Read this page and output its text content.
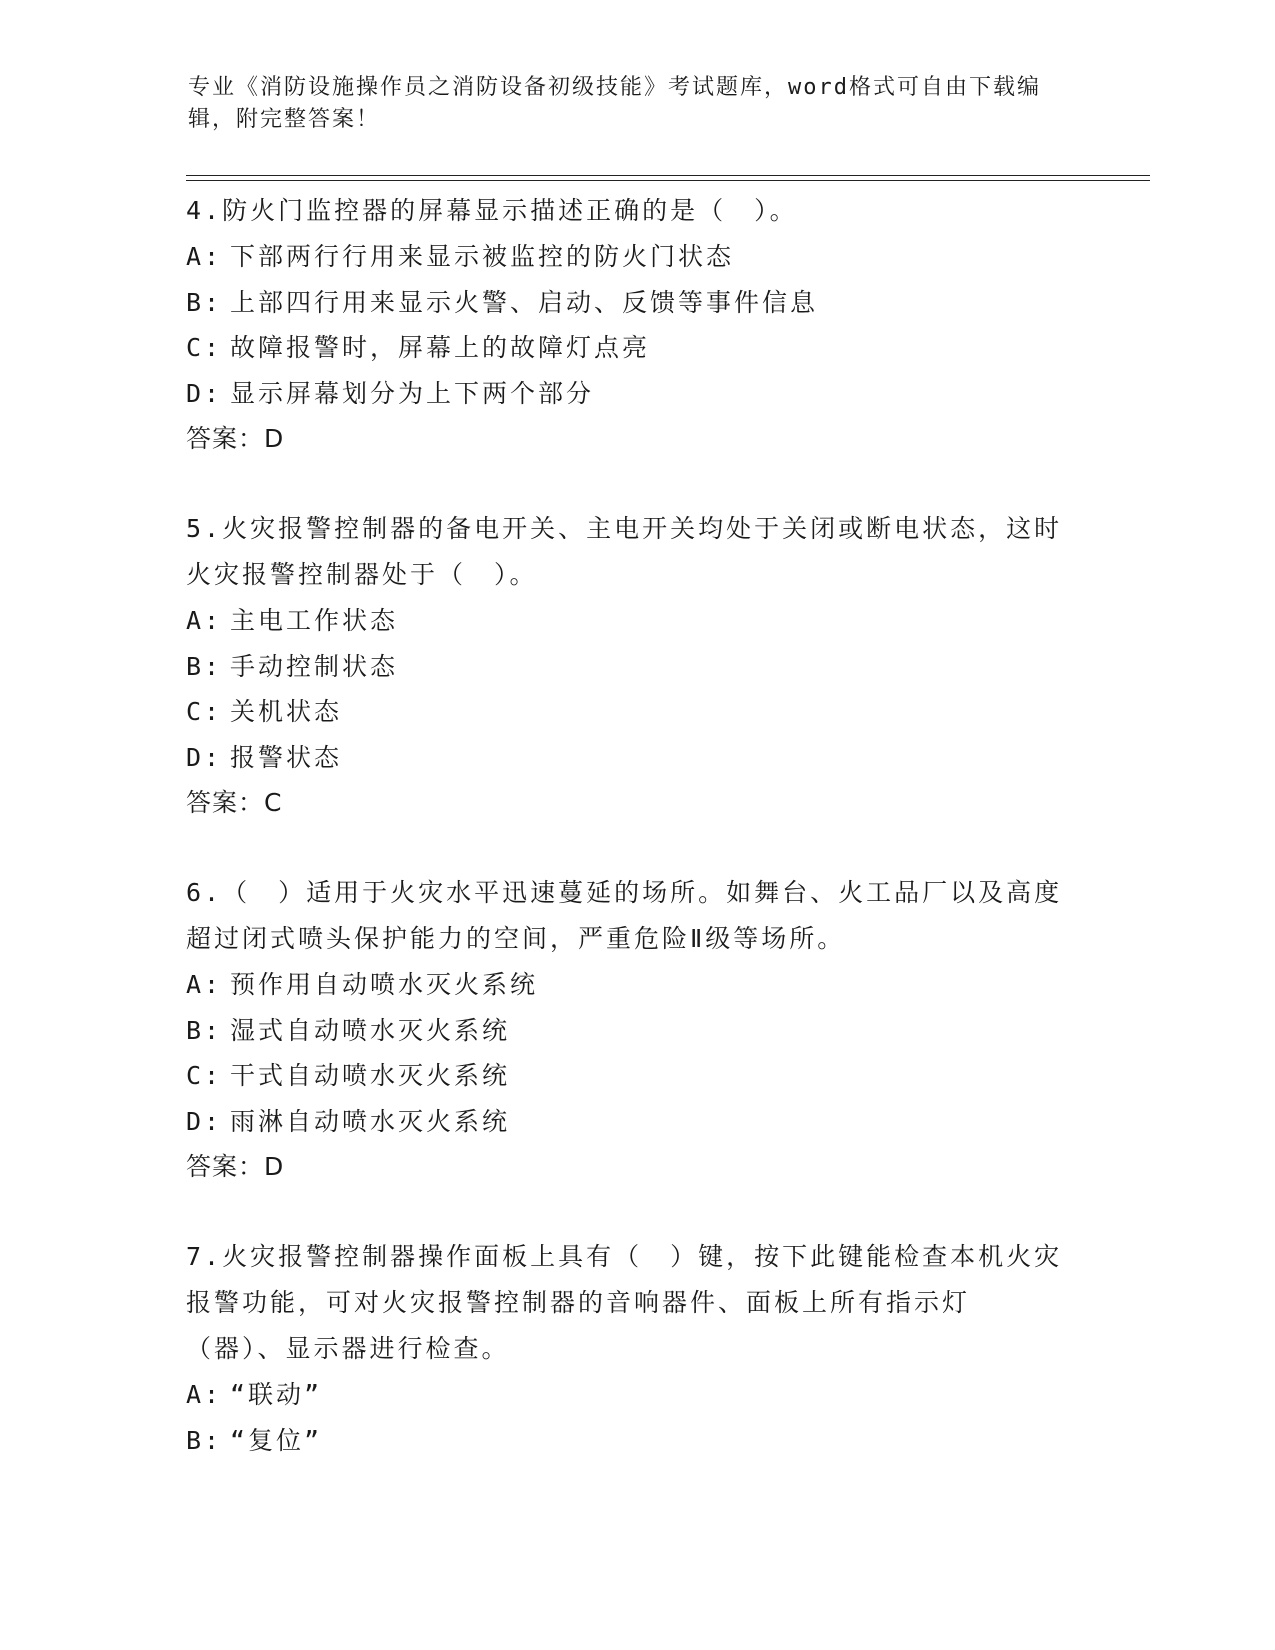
专业《消防设施操作员之消防设备初级技能》考试题库，word格式可自由下载编辑，附完整答案！
4.防火门监控器的屏幕显示描述正确的是（　）。
A: 下部两行行用来显示被监控的防火门状态
B: 上部四行用来显示火警、启动、反馈等事件信息
C: 故障报警时，屏幕上的故障灯点亮
D: 显示屏幕划分为上下两个部分
答案：D
5.火灾报警控制器的备电开关、主电开关均处于关闭或断电状态，这时火灾报警控制器处于（　）。
A: 主电工作状态
B: 手动控制状态
C: 关机状态
D: 报警状态
答案：C
6.（　）适用于火灾水平迅速蔓延的场所。如舞台、火工品厂以及高度超过闭式喷头保护能力的空间，严重危险Ⅱ级等场所。
A: 预作用自动喷水灭火系统
B: 湿式自动喷水灭火系统
C: 干式自动喷水灭火系统
D: 雨淋自动喷水灭火系统
答案：D
7.火灾报警控制器操作面板上具有（　）键，按下此键能检查本机火灾报警功能，可对火灾报警控制器的音响器件、面板上所有指示灯（器）、显示器进行检查。
A: “联动”
B: “复位”
